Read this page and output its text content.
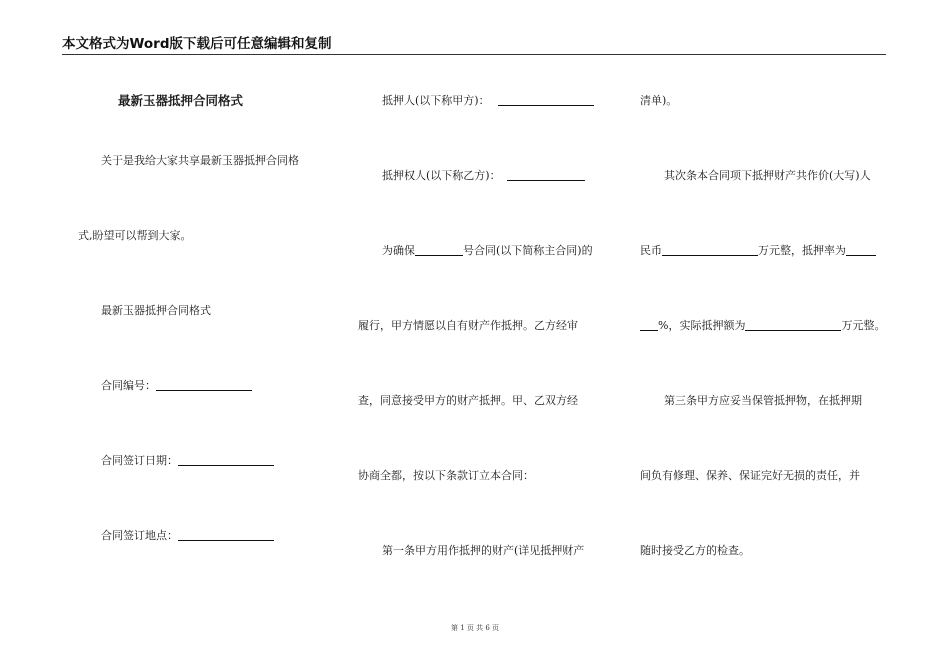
本文格式为Word版下载后可任意编辑和复制
最新玉器抵押合同格式
关于是我给大家共享最新玉器抵押合同格
式,盼望可以帮到大家。
最新玉器抵押合同格式
合同编号：
合同签订日期：
合同签订地点：
抵押人(以下称甲方)：
抵押权人(以下称乙方)：
为确保	号合同(以下简称主合同)的
履行，甲方情愿以自有财产作抵押。乙方经审
查，同意接受甲方的财产抵押。甲、乙双方经
协商全都，按以下条款订立本合同：
第一条甲方用作抵押的财产(详见抵押财产
清单)。
其次条本合同项下抵押财产共作价(大写)人
民币	万元整，抵押率为
%，实际抵押额为	万元整。
第三条甲方应妥当保管抵押物，在抵押期
间负有修理、保养、保证完好无损的责任，并
随时接受乙方的检查。
第 1 页 共 6 页
